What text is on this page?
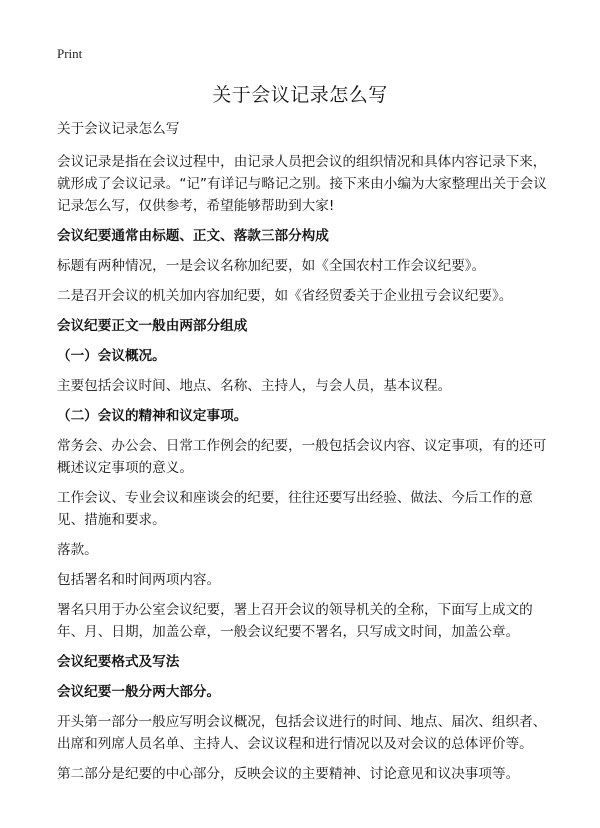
Print
关于会议记录怎么写

关于会议记录怎么写

会议记录是指在会议过程中，由记录人员把会议的组织情况和具体内容记录下来，就形成了会议记录。“记”有详记与略记之别。接下来由小编为大家整理出关于会议记录怎么写，仅供参考，希望能够帮助到大家!

会议纪要通常由标题、正文、落款三部分构成

标题有两种情况，一是会议名称加纪要，如《全国农村工作会议纪要》。

二是召开会议的机关加内容加纪要，如《省经贸委关于企业扭亏会议纪要》。

会议纪要正文一般由两部分组成

（一）会议概况。

主要包括会议时间、地点、名称、主持人，与会人员，基本议程。

（二）会议的精神和议定事项。

常务会、办公会、日常工作例会的纪要，一般包括会议内容、议定事项，有的还可概述议定事项的意义。

工作会议、专业会议和座谈会的纪要，往往还要写出经验、做法、今后工作的意见、措施和要求。

落款。

包括署名和时间两项内容。

署名只用于办公室会议纪要，署上召开会议的领导机关的全称，下面写上成文的年、月、日期，加盖公章，一般会议纪要不署名，只写成文时间，加盖公章。

会议纪要格式及写法

会议纪要一般分两大部分。

开头第一部分一般应写明会议概况，包括会议进行的时间、地点、届次、组织者、出席和列席人员名单、主持人、会议议程和进行情况以及对会议的总体评价等。

第二部分是纪要的中心部分，反映会议的主要精神、讨论意见和议决事项等。
